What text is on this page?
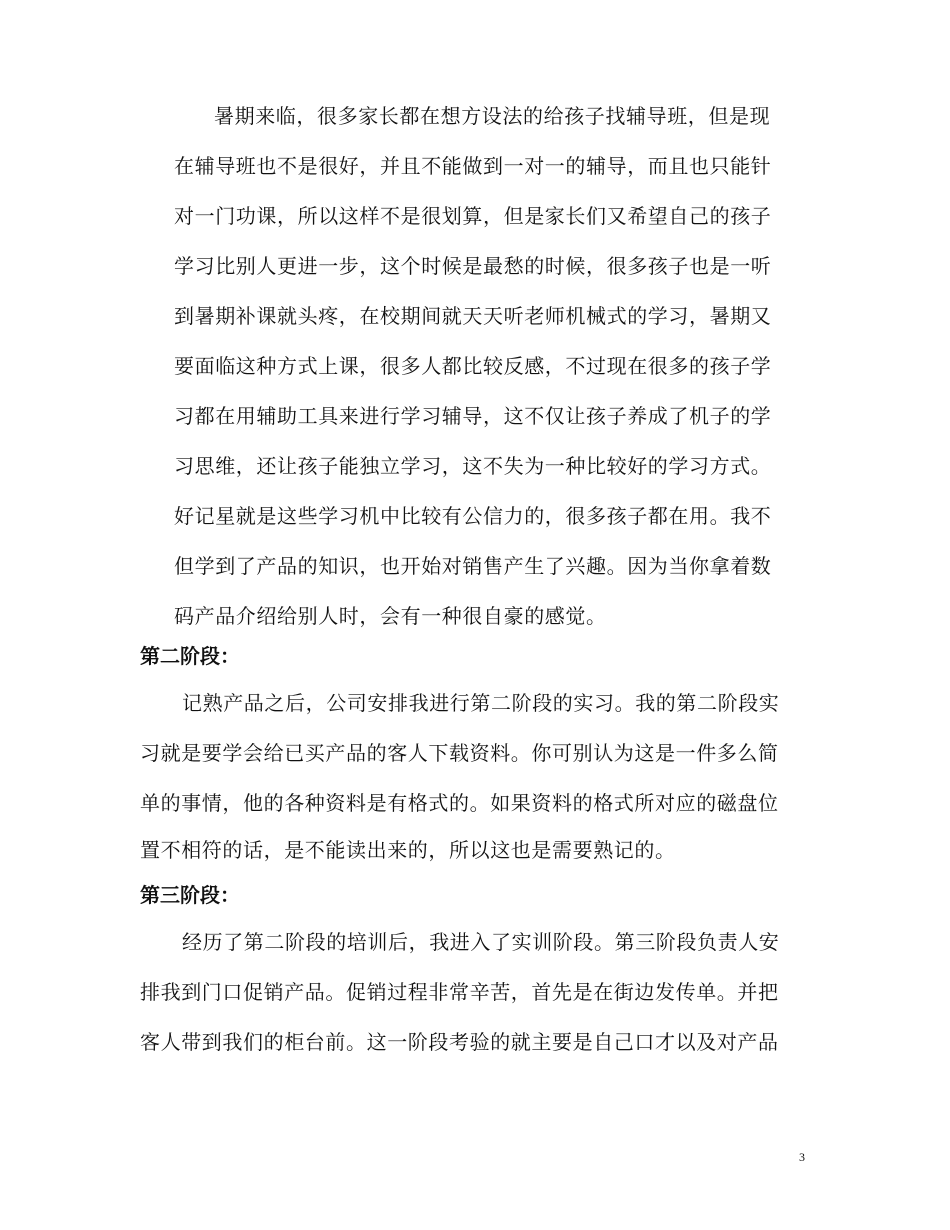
暑期来临，很多家长都在想方设法的给孩子找辅导班，但是现
在辅导班也不是很好，并且不能做到一对一的辅导，而且也只能针
对一门功课，所以这样不是很划算，但是家长们又希望自己的孩子
学习比别人更进一步，这个时候是最愁的时候，很多孩子也是一听
到暑期补课就头疼，在校期间就天天听老师机械式的学习，暑期又
要面临这种方式上课，很多人都比较反感，不过现在很多的孩子学
习都在用辅助工具来进行学习辅导，这不仅让孩子养成了机子的学
习思维，还让孩子能独立学习，这不失为一种比较好的学习方式。
好记星就是这些学习机中比较有公信力的，很多孩子都在用。我不
但学到了产品的知识，也开始对销售产生了兴趣。因为当你拿着数
码产品介绍给别人时，会有一种很自豪的感觉。
第二阶段：
记熟产品之后，公司安排我进行第二阶段的实习。我的第二阶段实
习就是要学会给已买产品的客人下载资料。你可别认为这是一件多么简
单的事情，他的各种资料是有格式的。如果资料的格式所对应的磁盘位
置不相符的话，是不能读出来的，所以这也是需要熟记的。
第三阶段：
经历了第二阶段的培训后，我进入了实训阶段。第三阶段负责人安
排我到门口促销产品。促销过程非常辛苦，首先是在街边发传单。并把
客人带到我们的柜台前。这一阶段考验的就主要是自己口才以及对产品
3
